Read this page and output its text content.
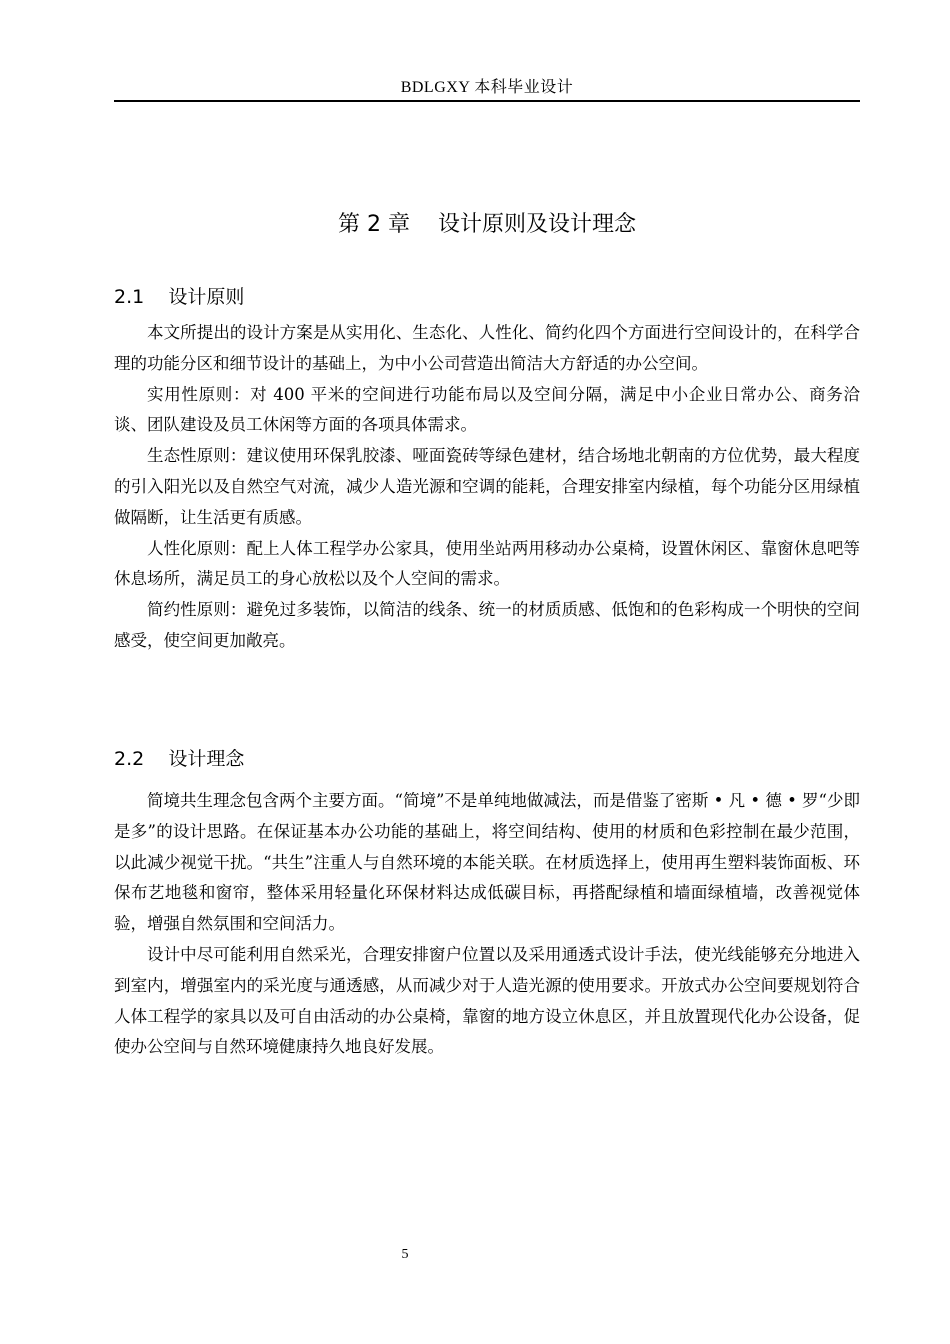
BDLGXY 本科毕业设计
第 2 章    设计原则及设计理念
2.1    设计原则

本文所提出的设计方案是从实用化、生态化、人性化、简约化四个方面进行空间设计的，在科学合理的功能分区和细节设计的基础上，为中小公司营造出简洁大方舒适的办公空间。

实用性原则：对 400 平米的空间进行功能布局以及空间分隔，满足中小企业日常办公、商务洽谈、团队建设及员工休闲等方面的各项具体需求。

生态性原则：建议使用环保乳胶漆、哑面瓷砖等绿色建材，结合场地北朝南的方位优势，最大程度的引入阳光以及自然空气对流，减少人造光源和空调的能耗，合理安排室内绿植，每个功能分区用绿植做隔断，让生活更有质感。

人性化原则：配上人体工程学办公家具，使用坐站两用移动办公桌椅，设置休闲区、靠窗休息吧等休息场所，满足员工的身心放松以及个人空间的需求。

简约性原则：避免过多装饰，以简洁的线条、统一的材质质感、低饱和的色彩构成一个明快的空间感受，使空间更加敞亮。

2.2    设计理念

简境共生理念包含两个主要方面。“简境”不是单纯地做减法，而是借鉴了密斯 • 凡 • 德 • 罗“少即是多”的设计思路。在保证基本办公功能的基础上，将空间结构、使用的材质和色彩控制在最少范围，以此减少视觉干扰。“共生”注重人与自然环境的本能关联。在材质选择上，使用再生塑料装饰面板、环保布艺地毯和窗帘，整体采用轻量化环保材料达成低碳目标，再搭配绿植和墙面绿植墙，改善视觉体验，增强自然氛围和空间活力。

设计中尽可能利用自然采光，合理安排窗户位置以及采用通透式设计手法，使光线能够充分地进入到室内，增强室内的采光度与通透感，从而减少对于人造光源的使用要求。开放式办公空间要规划符合人体工程学的家具以及可自由活动的办公桌椅，靠窗的地方设立休息区，并且放置现代化办公设备，促使办公空间与自然环境健康持久地良好发展。

5
